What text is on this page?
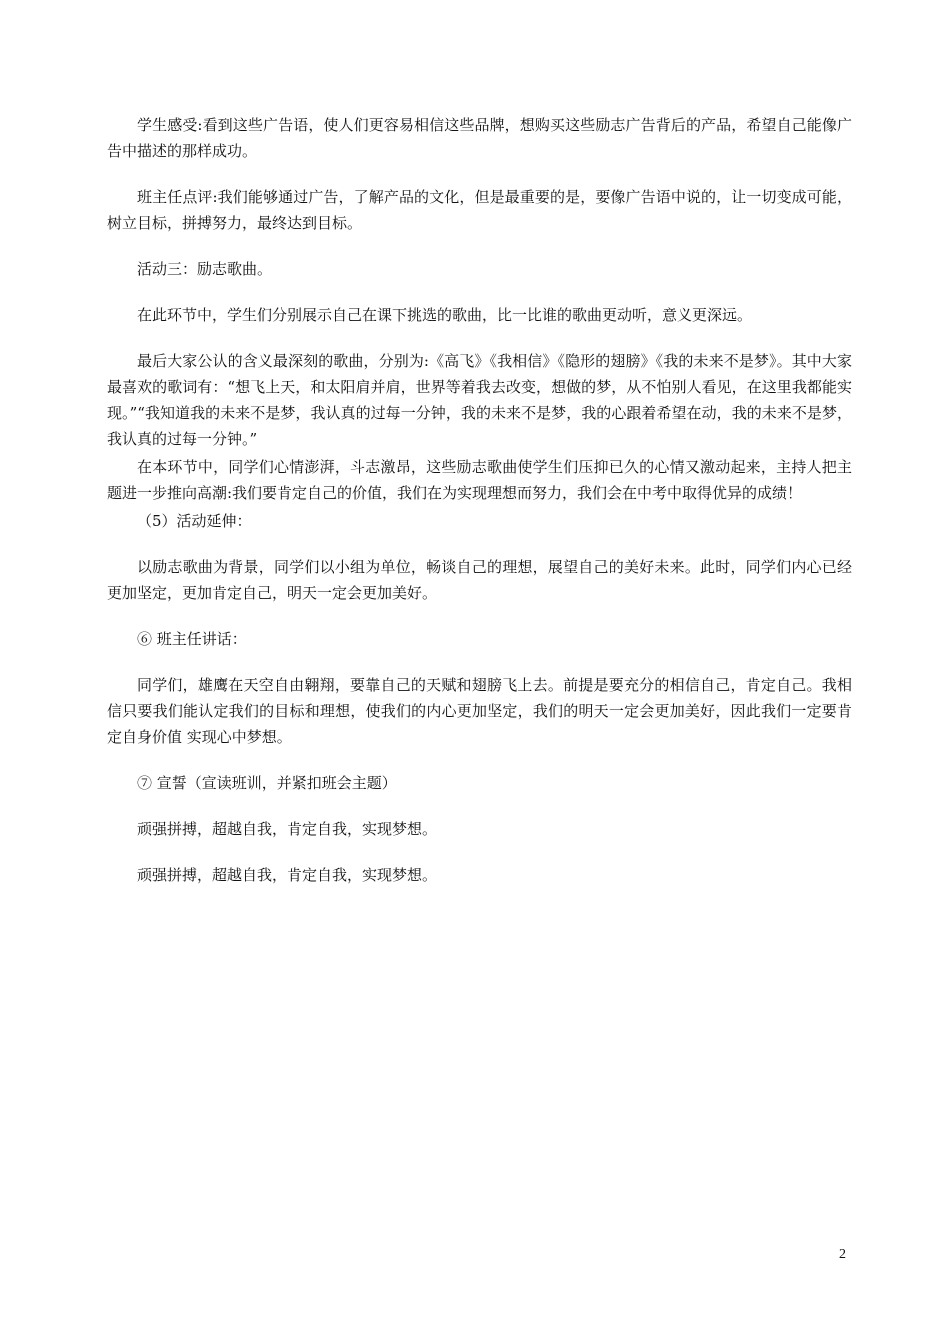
学生感受:看到这些广告语，使人们更容易相信这些品牌，想购买这些励志广告背后的产品，希望自己能像广告中描述的那样成功。

班主任点评:我们能够通过广告，了解产品的文化，但是最重要的是，要像广告语中说的，让一切变成可能，树立目标，拼搏努力，最终达到目标。

活动三：励志歌曲。

在此环节中，学生们分别展示自己在课下挑选的歌曲，比一比谁的歌曲更动听，意义更深远。

最后大家公认的含义最深刻的歌曲，分别为:《高飞》《我相信》《隐形的翅膀》《我的未来不是梦》。其中大家最喜欢的歌词有：“想飞上天，和太阳肩并肩，世界等着我去改变，想做的梦，从不怕别人看见，在这里我都能实现。”“我知道我的未来不是梦，我认真的过每一分钟，我的未来不是梦，我的心跟着希望在动，我的未来不是梦，我认真的过每一分钟。”

在本环节中，同学们心情澎湃，斗志激昂，这些励志歌曲使学生们压抑已久的心情又激动起来，主持人把主题进一步推向高潮:我们要肯定自己的价值，我们在为实现理想而努力，我们会在中考中取得优异的成绩！

（5）活动延伸：

以励志歌曲为背景，同学们以小组为单位，畅谈自己的理想，展望自己的美好未来。此时，同学们内心已经更加坚定，更加肯定自己，明天一定会更加美好。

⑥ 班主任讲话：

同学们，雄鹰在天空自由翱翔，要靠自己的天赋和翅膀飞上去。前提是要充分的相信自己，肯定自己。我相信只要我们能认定我们的目标和理想，使我们的内心更加坚定，我们的明天一定会更加美好，因此我们一定要肯定自身价值 实现心中梦想。

⑦ 宣誓（宣读班训，并紧扣班会主题）

顽强拼搏，超越自我，肯定自我，实现梦想。

顽强拼搏，超越自我，肯定自我，实现梦想。

2
